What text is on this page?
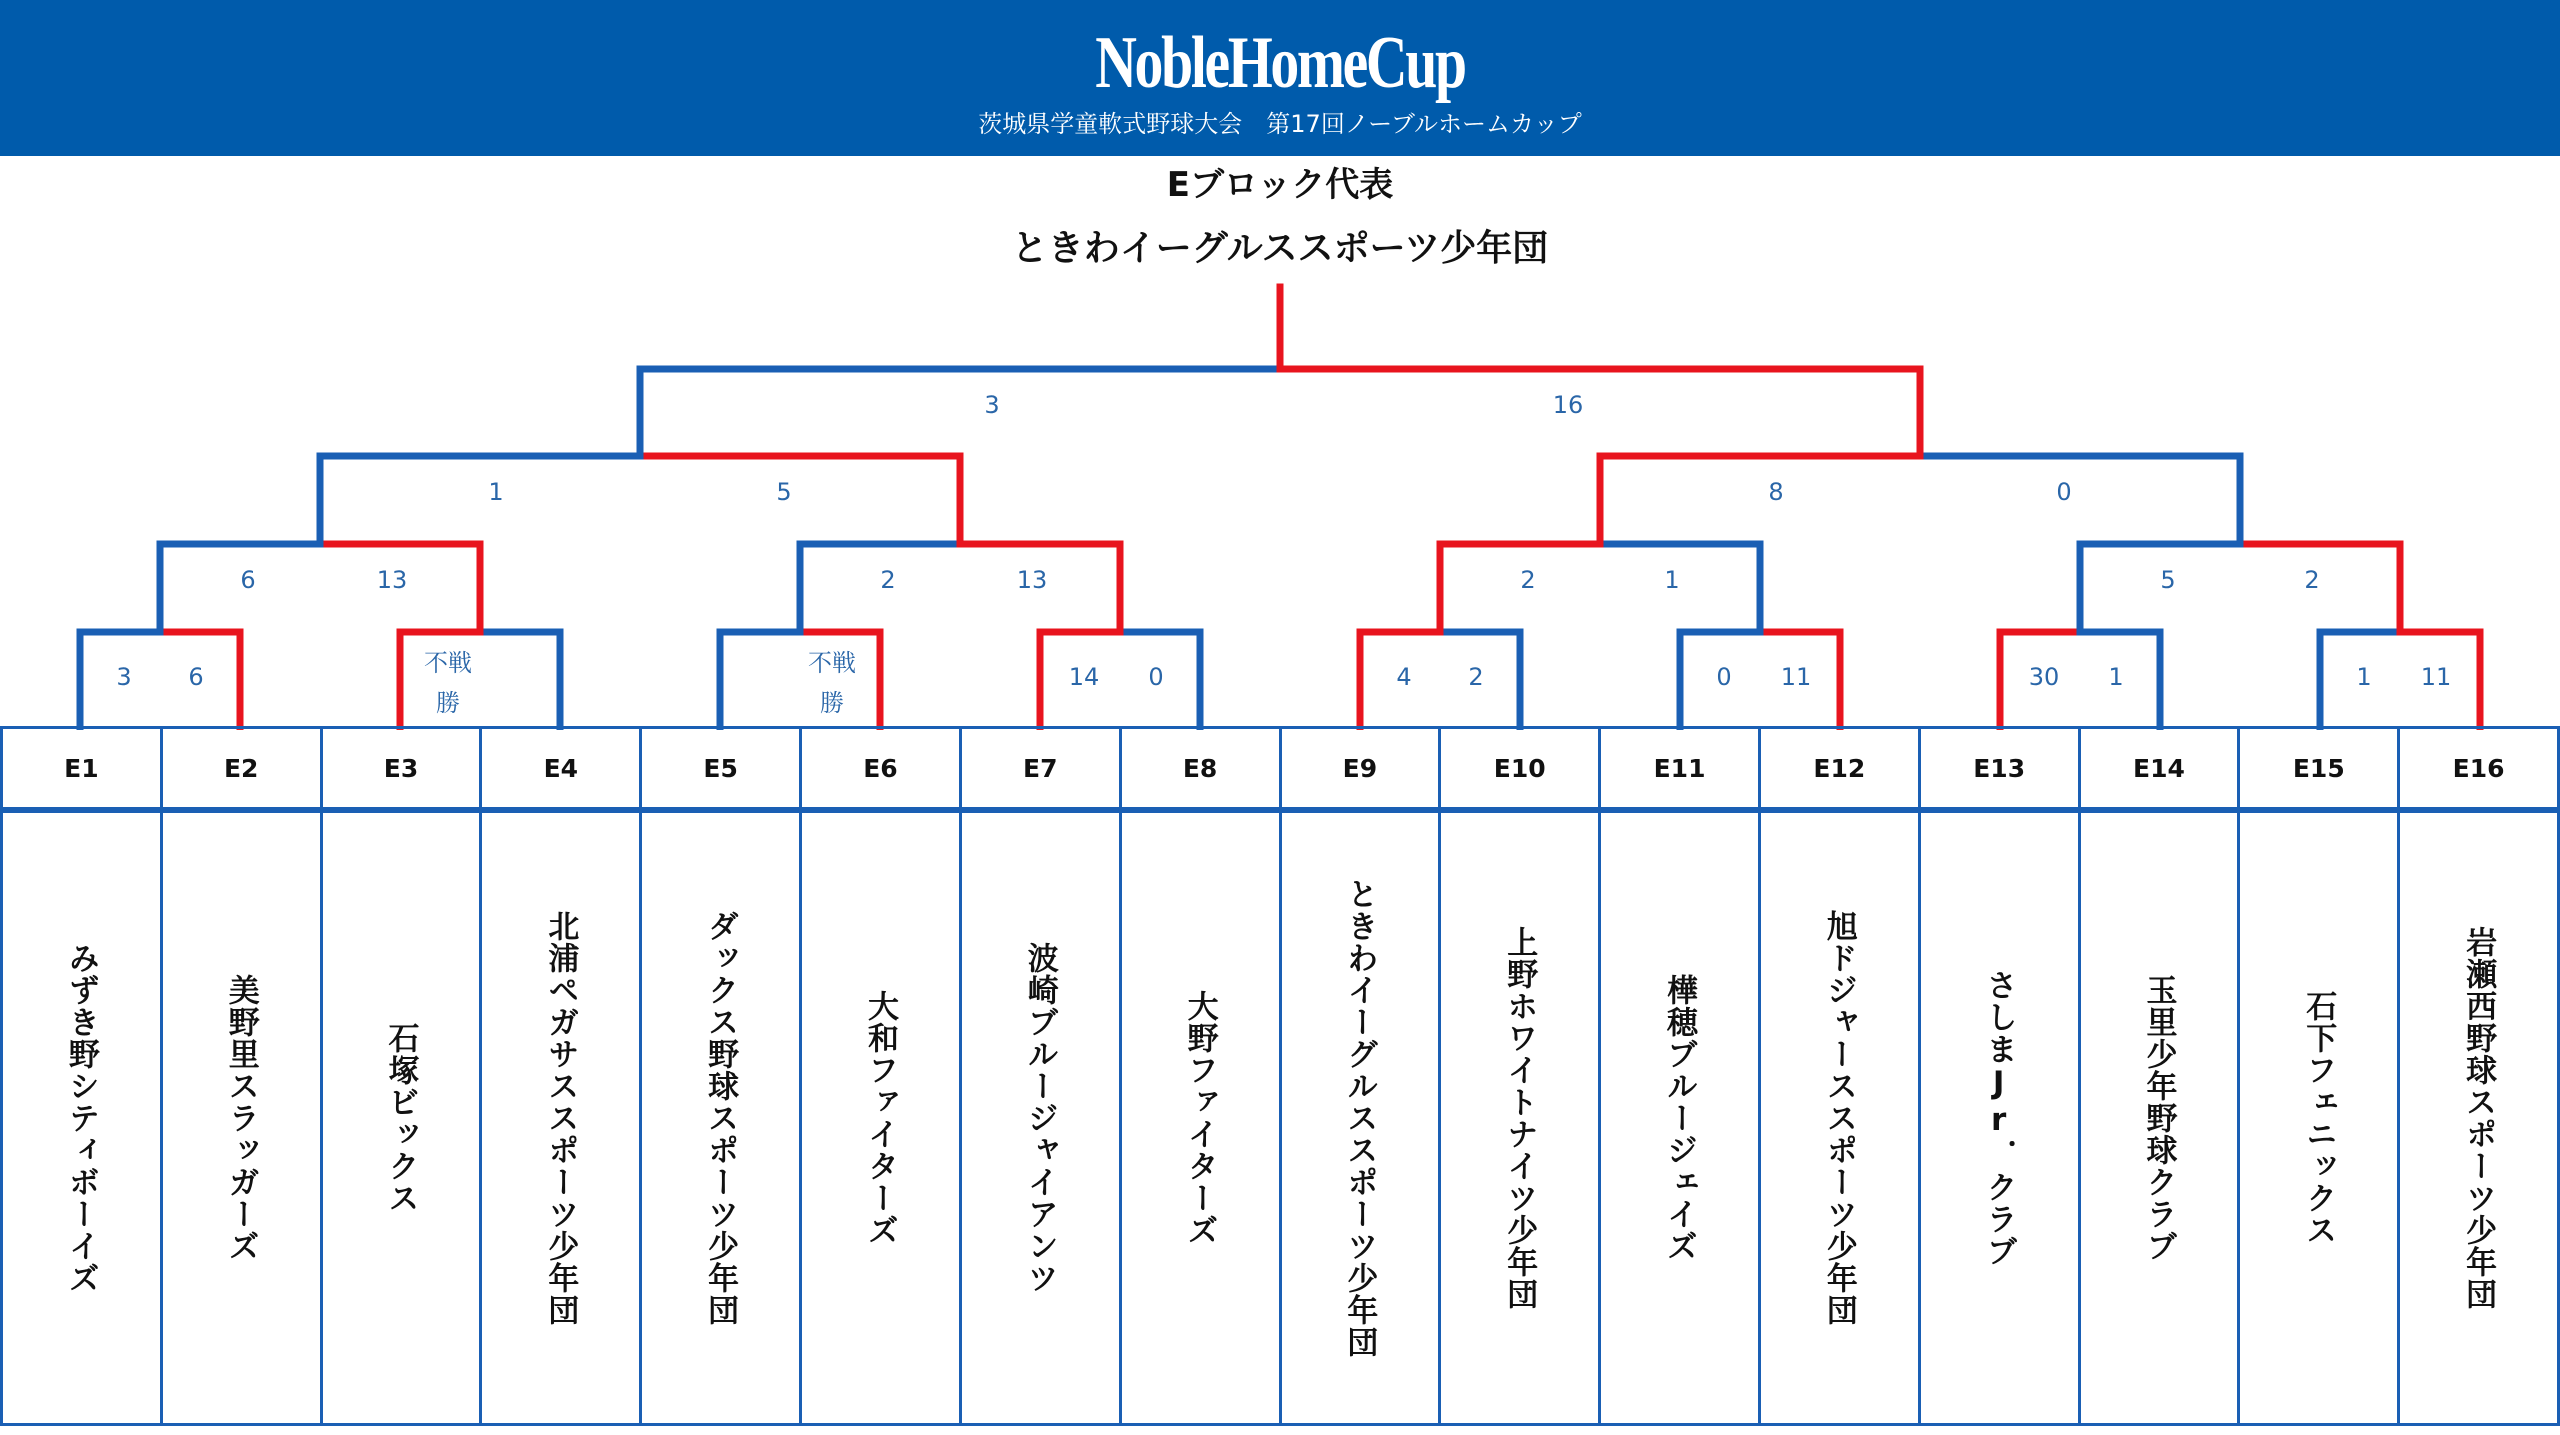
NobleHomeCup
茨城県学童軟式野球大会　第17回ノーブルホームカップ
Eブロック代表
ときわイーグルススポーツ少年団
3 6	不戦
勝
不戦
勝
14 0	4 2	0 11	30 1	1 11
6	13	2	13	2	1	5	2
1	5	8	0
3	16
E1
みずき野シティボーイズ
E2
美野里スラッガーズ
E3
石塚ビックス
E4
北浦ペガサススポーツ少年団
E5
ダックス野球スポーツ少年団
E6
大和ファイターズ
E7
波崎ブルージャイアンツ
E8
大野ファイターズ
E9
ときわイーグルススポーツ少年団
E10
上野ホワイトナイツ少年団
E11
樺穂ブルージェイズ
E12
旭ドジャーススポーツ少年団
E13
さしまJr．クラブ
E14
玉里少年野球クラブ
E15
石下フェニックス
E16
岩瀬西野球スポーツ少年団
